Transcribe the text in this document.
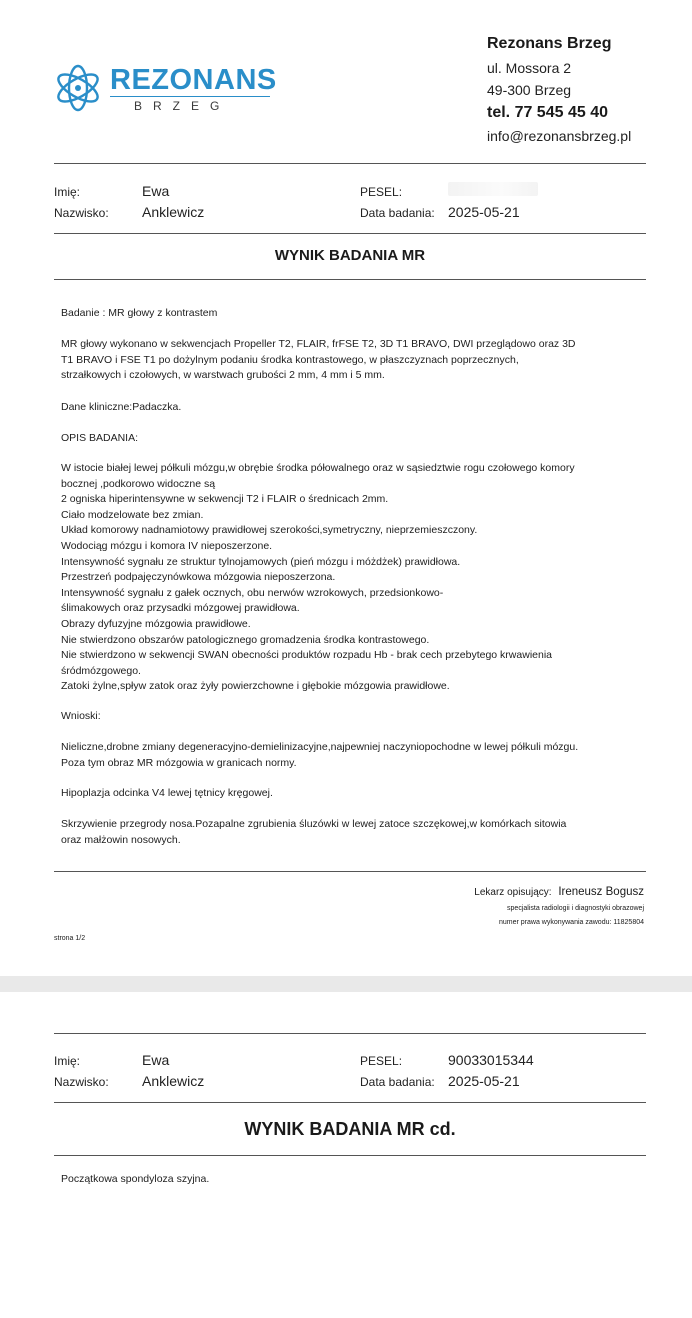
REZONANS
BRZEG
Rezonans Brzeg
ul. Mossora 2
49-300 Brzeg
tel. 77 545 45 40
info@rezonansbrzeg.pl
Imię:	Ewa
Nazwisko: Anklewicz
PESEL:
Data badania: 2025-05-21
WYNIK BADANIA MR

Badanie : MR głowy z kontrastem

MR głowy wykonano w sekwencjach Propeller T2, FLAIR, frFSE T2, 3D T1 BRAVO, DWI przeglądowo oraz 3D
T1 BRAVO i FSE T1 po dożylnym podaniu środka kontrastowego, w płaszczyznach poprzecznych,
strzałkowych i czołowych, w warstwach grubości 2 mm, 4 mm i 5 mm.

Dane kliniczne:Padaczka.

OPIS BADANIA:

W istocie białej lewej półkuli mózgu,w obrębie środka półowalnego oraz w sąsiedztwie rogu czołowego komory
bocznej ,podkorowo widoczne są
2 ogniska hiperintensywne w sekwencji T2 i FLAIR o średnicach 2mm.
Ciało modzelowate bez zmian.
Układ komorowy nadnamiotowy prawidłowej szerokości,symetryczny, nieprzemieszczony.
Wodociąg mózgu i komora IV nieposzerzone.
Intensywność sygnału ze struktur tylnojamowych (pień mózgu i móżdżek) prawidłowa.
Przestrzeń podpajęczynówkowa mózgowia nieposzerzona.
Intensywność sygnału z gałek ocznych, obu nerwów wzrokowych, przedsionkowo-
ślimakowych oraz przysadki mózgowej prawidłowa.
Obrazy dyfuzyjne mózgowia prawidłowe.
Nie stwierdzono obszarów patologicznego gromadzenia środka kontrastowego.
Nie stwierdzono w sekwencji SWAN obecności produktów rozpadu Hb - brak cech przebytego krwawienia
śródmózgowego.
Zatoki żylne,spływ zatok oraz żyły powierzchowne i głębokie mózgowia prawidłowe.

Wnioski:

Nieliczne,drobne zmiany degeneracyjno-demielinizacyjne,najpewniej naczyniopochodne w lewej półkuli mózgu.
Poza tym obraz MR mózgowia w granicach normy.

Hipoplazja odcinka V4 lewej tętnicy kręgowej.

Skrzywienie przegrody nosa.Pozapalne zgrubienia śluzówki w lewej zatoce szczękowej,w komórkach sitowia
oraz małżowin nosowych.

Lekarz opisujący: Ireneusz Bogusz
specjalista radiologii i diagnostyki obrazowej
numer prawa wykonywania zawodu: 11825804
strona 1/2
Imię:	Ewa
Nazwisko: Anklewicz
PESEL:	90033015344
Data badania: 2025-05-21
WYNIK BADANIA MR cd.

Początkowa spondyloza szyjna.
